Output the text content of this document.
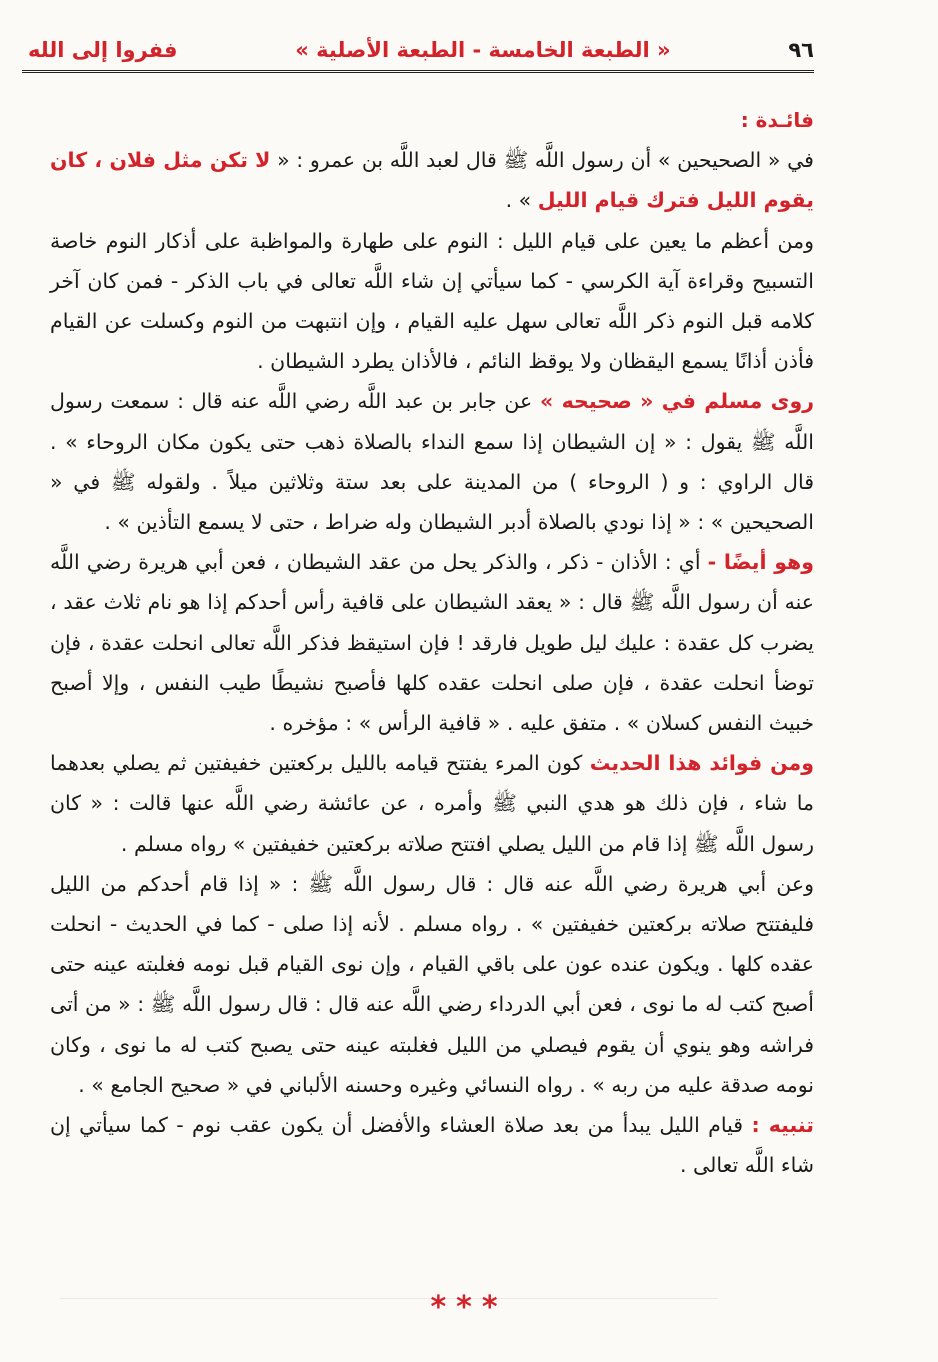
٩٦
« الطبعة الخامسة - الطبعة الأصلية »
ففروا إلى الله

فائـدة :

في « الصحيحين » أن رسول اللَّه ﷺ قال لعبد اللَّه بن عمرو : « لا تكن مثل فلان ، كان يقوم الليل فترك قيام الليل » .

ومن أعظم ما يعين على قيام الليل : النوم على طهارة والمواظبة على أذكار النوم خاصة التسبيح وقراءة آية الكرسي - كما سيأتي إن شاء اللَّه تعالى في باب الذكر - فمن كان آخر كلامه قبل النوم ذكر اللَّه تعالى سهل عليه القيام ، وإن انتبهت من النوم وكسلت عن القيام فأذن أذانًا يسمع اليقظان ولا يوقظ النائم ، فالأذان يطرد الشيطان .

روى مسلم في « صحيحه » عن جابر بن عبد اللَّه رضي اللَّه عنه قال : سمعت رسول اللَّه ﷺ يقول : « إن الشيطان إذا سمع النداء بالصلاة ذهب حتى يكون مكان الروحاء » . قال الراوي : و ( الروحاء ) من المدينة على بعد ستة وثلاثين ميلاً . ولقوله ﷺ في « الصحيحين » : « إذا نودي بالصلاة أدبر الشيطان وله ضراط ، حتى لا يسمع التأذين » .

وهو أيضًا - أي : الأذان - ذكر ، والذكر يحل من عقد الشيطان ، فعن أبي هريرة رضي اللَّه عنه أن رسول اللَّه ﷺ قال : « يعقد الشيطان على قافية رأس أحدكم إذا هو نام ثلاث عقد ، يضرب كل عقدة : عليك ليل طويل فارقد ! فإن استيقظ فذكر اللَّه تعالى انحلت عقدة ، فإن توضأ انحلت عقدة ، فإن صلى انحلت عقده كلها فأصبح نشيطًا طيب النفس ، وإلا أصبح خبيث النفس كسلان » . متفق عليه . « قافية الرأس » : مؤخره .

ومن فوائد هذا الحديث كون المرء يفتتح قيامه بالليل بركعتين خفيفتين ثم يصلي بعدهما ما شاء ، فإن ذلك هو هدي النبي ﷺ وأمره ، عن عائشة رضي اللَّه عنها قالت : « كان رسول اللَّه ﷺ إذا قام من الليل يصلي افتتح صلاته بركعتين خفيفتين » رواه مسلم .

وعن أبي هريرة رضي اللَّه عنه قال : قال رسول اللَّه ﷺ : « إذا قام أحدكم من الليل فليفتتح صلاته بركعتين خفيفتين » . رواه مسلم . لأنه إذا صلى - كما في الحديث - انحلت عقده كلها . ويكون عنده عون على باقي القيام ، وإن نوى القيام قبل نومه فغلبته عينه حتى أصبح كتب له ما نوى ، فعن أبي الدرداء رضي اللَّه عنه قال : قال رسول اللَّه ﷺ : « من أتى فراشه وهو ينوي أن يقوم فيصلي من الليل فغلبته عينه حتى يصبح كتب له ما نوى ، وكان نومه صدقة عليه من ربه » . رواه النسائي وغيره وحسنه الألباني في « صحيح الجامع » .

تنبيه : قيام الليل يبدأ من بعد صلاة العشاء والأفضل أن يكون عقب نوم - كما سيأتي إن شاء اللَّه تعالى .

***
